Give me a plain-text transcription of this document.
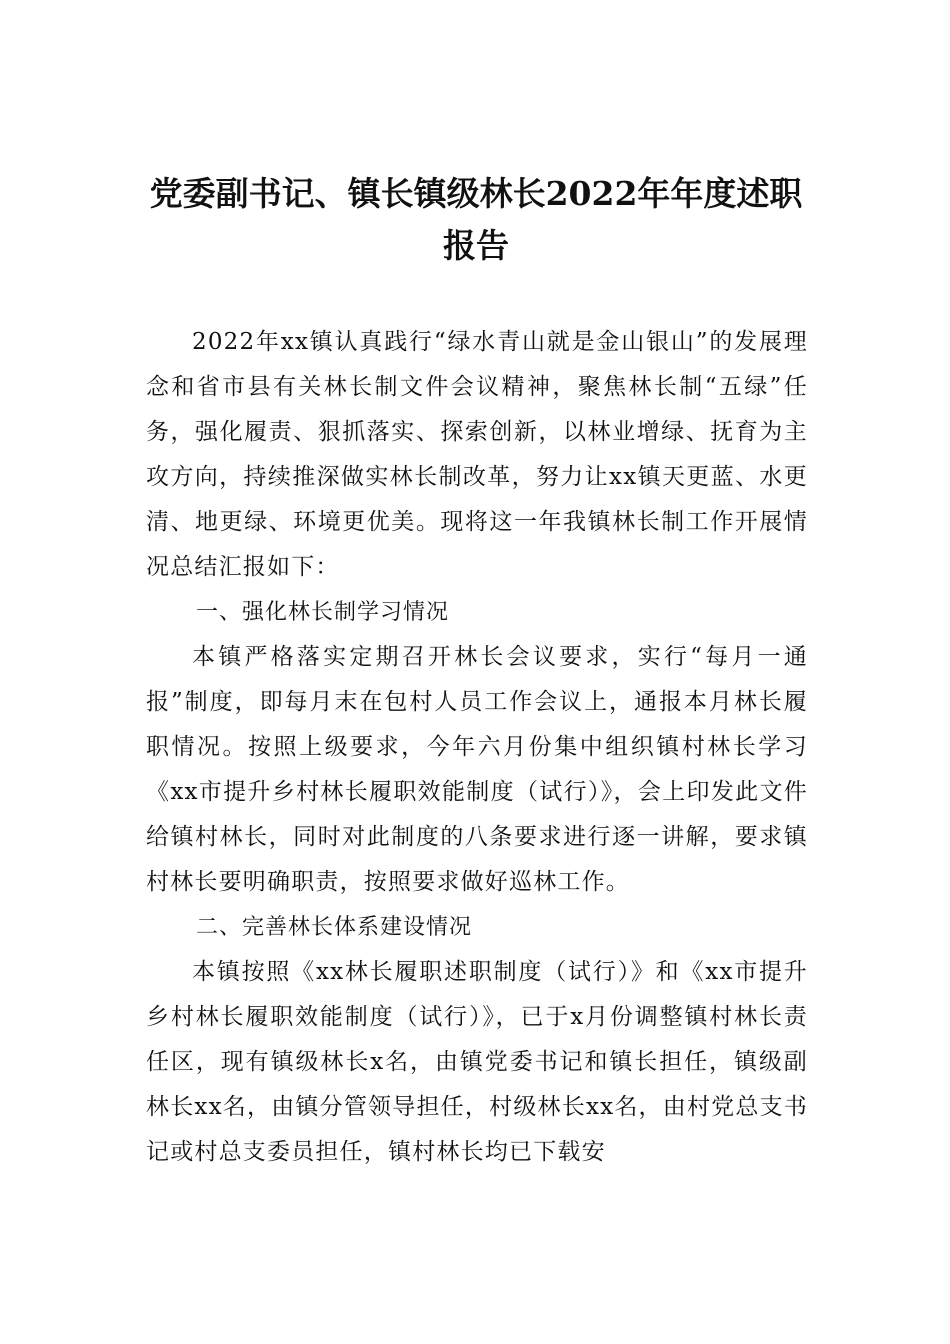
党委副书记、镇长镇级林长2022年年度述职报告

2022年xx镇认真践行“绿水青山就是金山银山”的发展理念和省市县有关林长制文件会议精神，聚焦林长制“五绿”任务，强化履责、狠抓落实、探索创新，以林业增绿、抚育为主攻方向，持续推深做实林长制改革，努力让xx镇天更蓝、水更清、地更绿、环境更优美。现将这一年我镇林长制工作开展情况总结汇报如下：

一、强化林长制学习情况

本镇严格落实定期召开林长会议要求，实行“每月一通报”制度，即每月末在包村人员工作会议上，通报本月林长履职情况。按照上级要求，今年六月份集中组织镇村林长学习《xx市提升乡村林长履职效能制度（试行）》，会上印发此文件给镇村林长，同时对此制度的八条要求进行逐一讲解，要求镇村林长要明确职责，按照要求做好巡林工作。

二、完善林长体系建设情况

本镇按照《xx林长履职述职制度（试行）》和《xx市提升乡村林长履职效能制度（试行）》，已于x月份调整镇村林长责任区，现有镇级林长x名，由镇党委书记和镇长担任，镇级副林长xx名，由镇分管领导担任，村级林长xx名，由村党总支书记或村总支委员担任，镇村林长均已下载安
